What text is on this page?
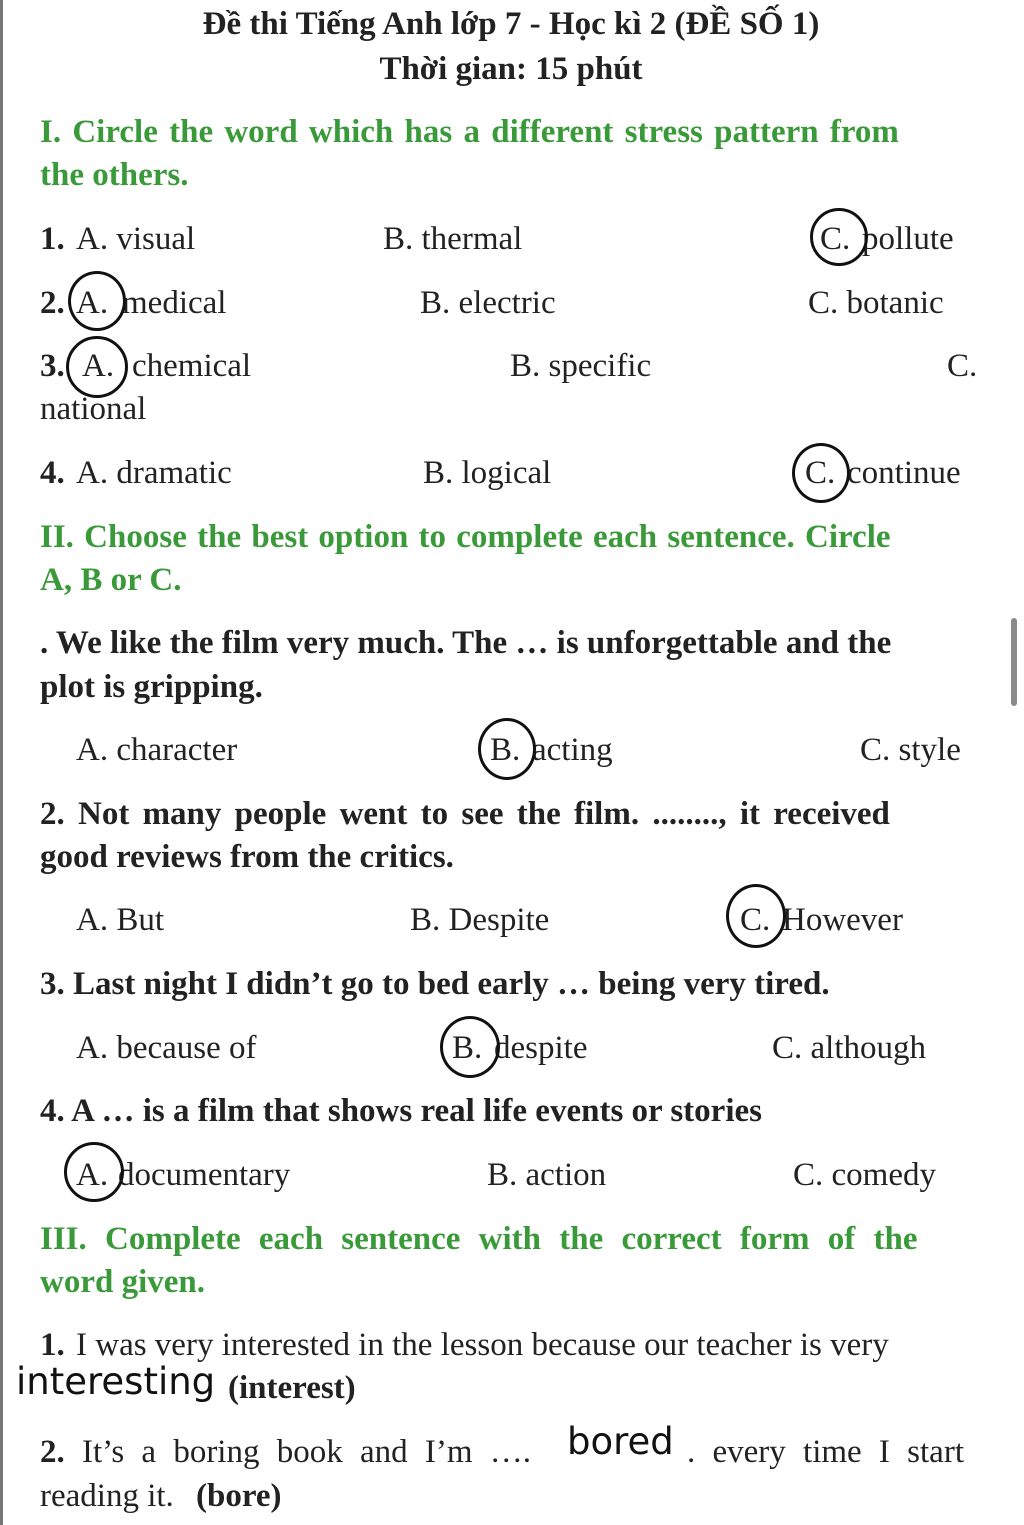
Đề thi Tiếng Anh lớp 7 - Học kì 2 (ĐỀ SỐ 1)
Thời gian: 15 phút
I. Circle the word which has a different stress pattern from
the others.
1. A. visual	B. thermal	C. pollute
2. A. medical	B. electric	C. botanic
3. A. chemical	B. specific	C.
national
4. A. dramatic	B. logical	C. continue
II. Choose the best option to complete each sentence. Circle
A, B or C.
. We like the film very much. The … is unforgettable and the
plot is gripping.
A. character	B. acting	C. style
2. Not many people went to see the film. ........, it received
good reviews from the critics.
A. But	B. Despite	C. However
3. Last night I didn’t go to bed early … being very tired.
A. because of	B. despite	C. although
4. A … is a film that shows real life events or stories
A. documentary	B. action	C. comedy
III. Complete each sentence with the correct form of the
word given.
1. I was very interested in the lesson because our teacher is very
interesting (interest)
2. It’s a boring book and I’m …. bored . every time I start
reading it. (bore)
